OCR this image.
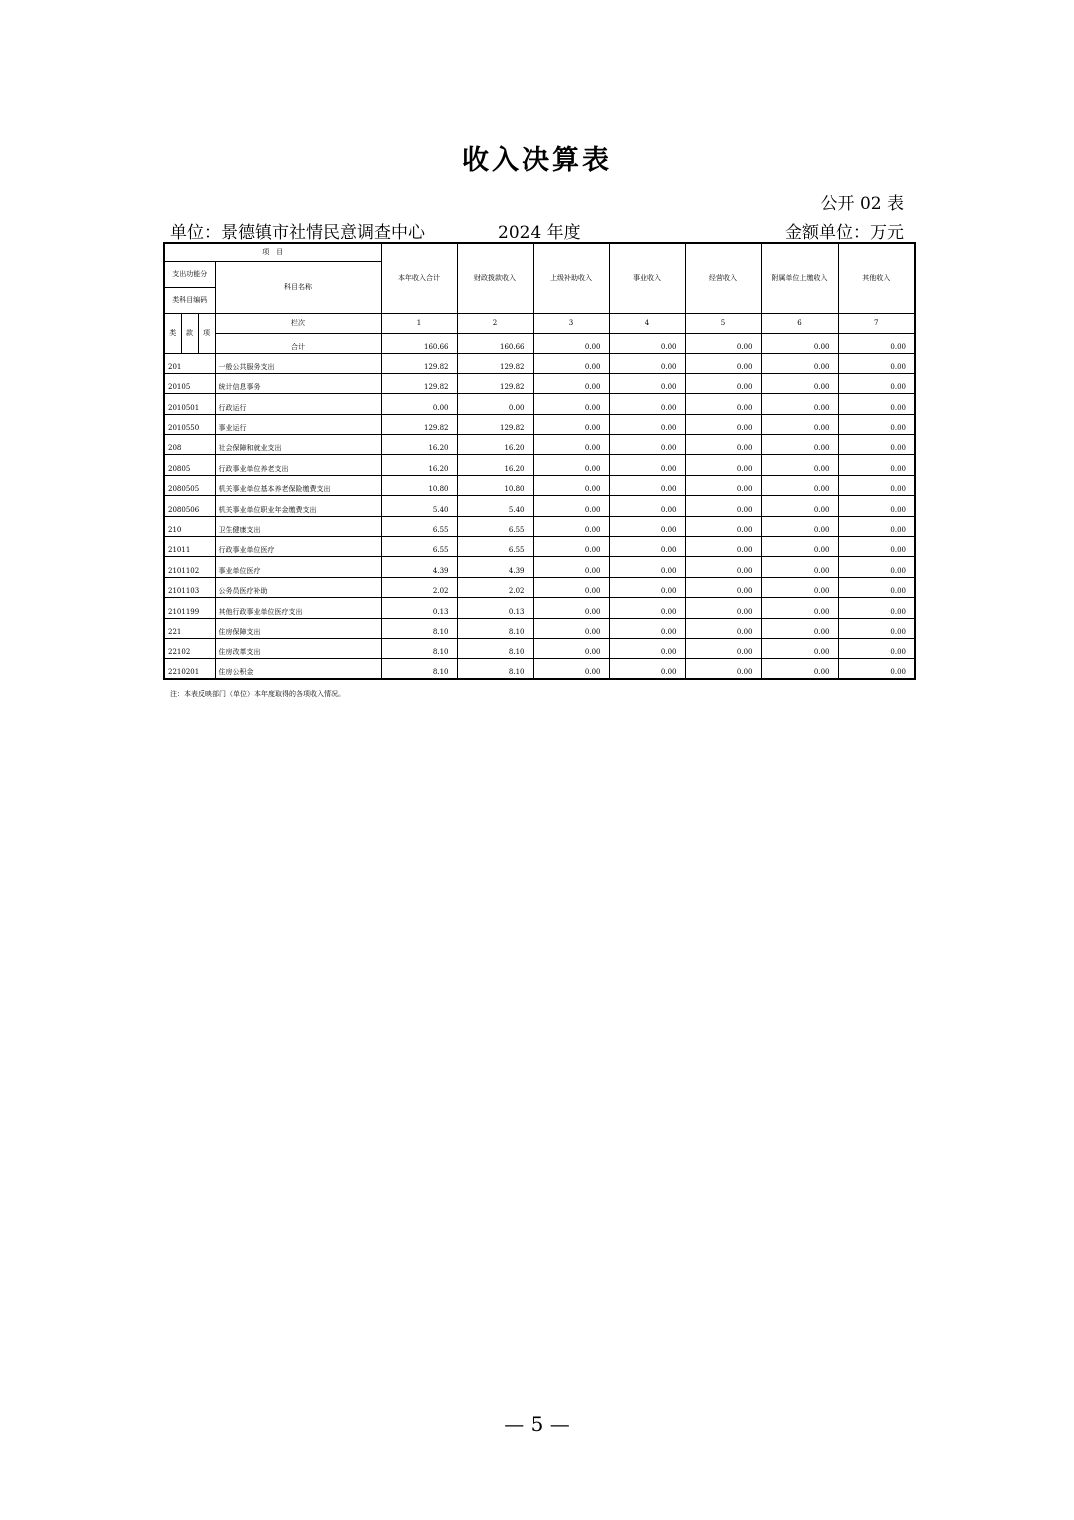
收入决算表
公开 02 表
单位：景德镇市社情民意调查中心	2024 年度	金额单位：万元
项　目				本年收入合计	财政拨款收入	上级补助收入	事业收入	经营收入	附属单位上缴收入	其他收入
支出功能分			科目名称							
类科目编码										
类	款	项	栏次	1	2	3	4	5	6	7
			合计	160.66	160.66	0.00	0.00	0.00	0.00	0.00
201			一般公共服务支出	129.82	129.82	0.00	0.00	0.00	0.00	0.00
20105			统计信息事务	129.82	129.82	0.00	0.00	0.00	0.00	0.00
2010501			行政运行	0.00	0.00	0.00	0.00	0.00	0.00	0.00
2010550			事业运行	129.82	129.82	0.00	0.00	0.00	0.00	0.00
208			社会保障和就业支出	16.20	16.20	0.00	0.00	0.00	0.00	0.00
20805			行政事业单位养老支出	16.20	16.20	0.00	0.00	0.00	0.00	0.00
2080505			机关事业单位基本养老保险缴费支出	10.80	10.80	0.00	0.00	0.00	0.00	0.00
2080506			机关事业单位职业年金缴费支出	5.40	5.40	0.00	0.00	0.00	0.00	0.00
210			卫生健康支出	6.55	6.55	0.00	0.00	0.00	0.00	0.00
21011			行政事业单位医疗	6.55	6.55	0.00	0.00	0.00	0.00	0.00
2101102			事业单位医疗	4.39	4.39	0.00	0.00	0.00	0.00	0.00
2101103			公务员医疗补助	2.02	2.02	0.00	0.00	0.00	0.00	0.00
2101199			其他行政事业单位医疗支出	0.13	0.13	0.00	0.00	0.00	0.00	0.00
221			住房保障支出	8.10	8.10	0.00	0.00	0.00	0.00	0.00
22102			住房改革支出	8.10	8.10	0.00	0.00	0.00	0.00	0.00
2210201			住房公积金	8.10	8.10	0.00	0.00	0.00	0.00	0.00
注：本表反映部门（单位）本年度取得的各项收入情况。
— 5 —
